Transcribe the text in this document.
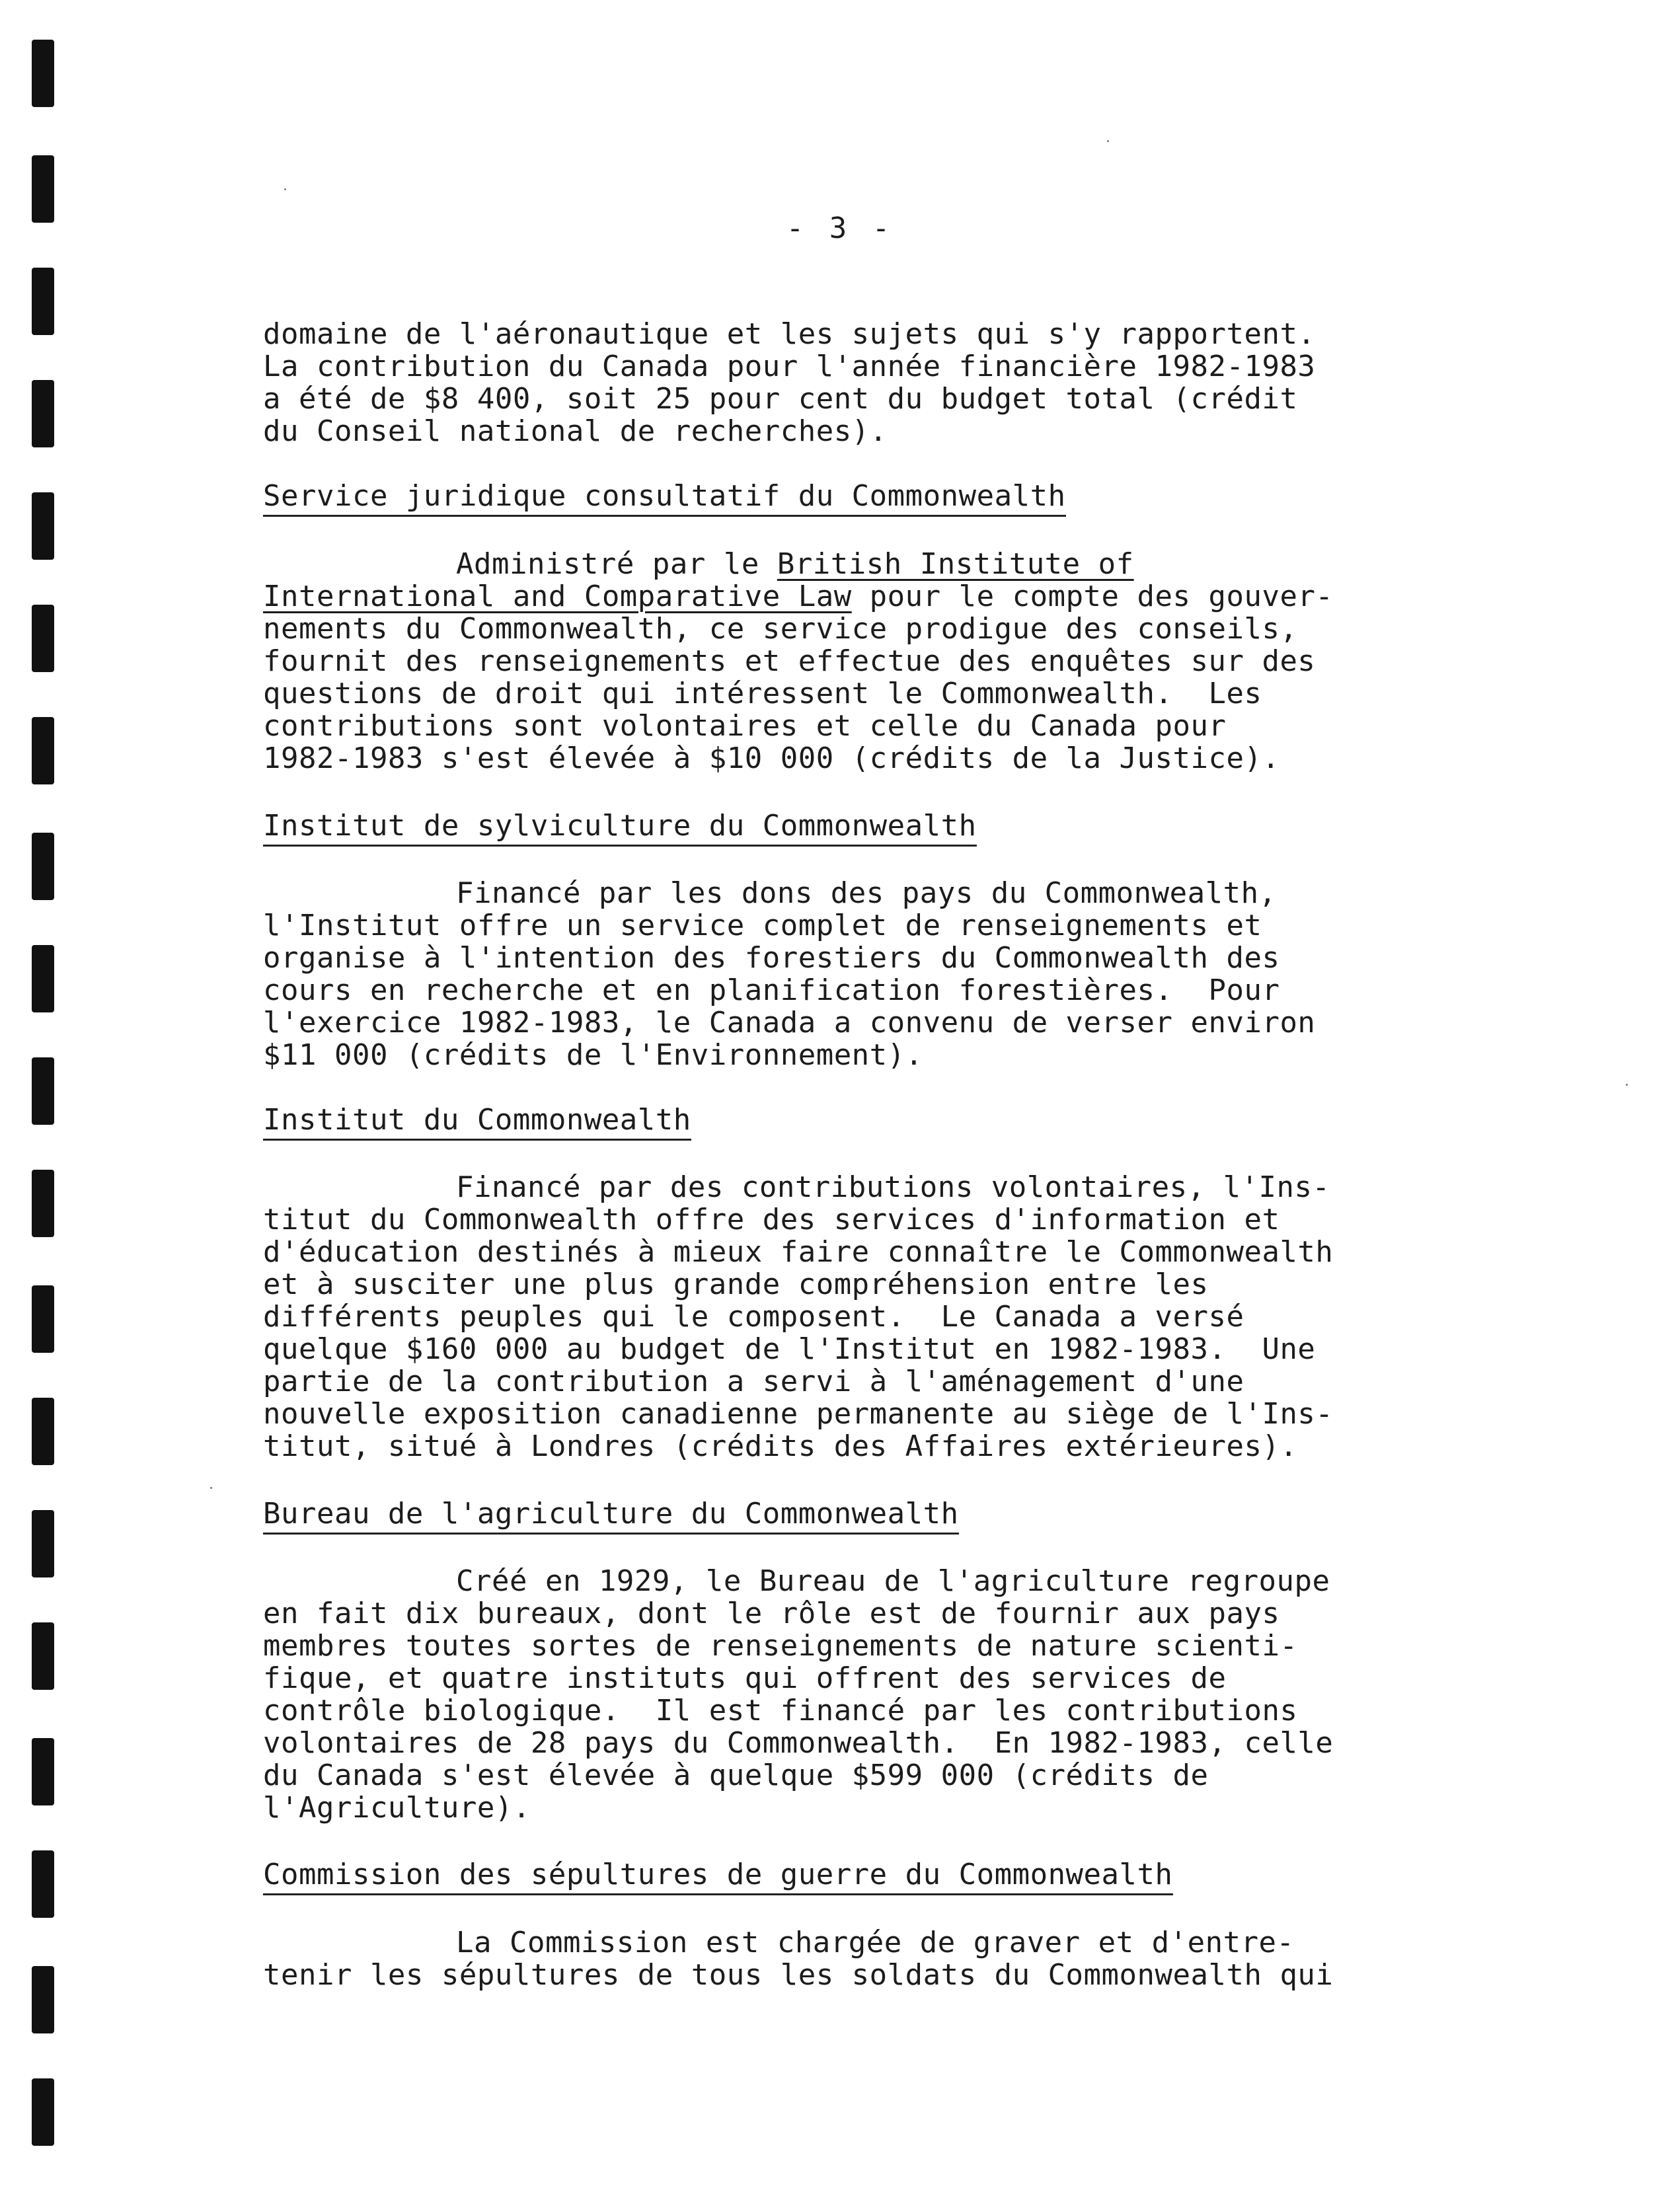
- 3 -
domaine de l'aéronautique et les sujets qui s'y rapportent.
La contribution du Canada pour l'année financière 1982-1983
a été de $8 400, soit 25 pour cent du budget total (crédit
du Conseil national de recherches).
Service juridique consultatif du Commonwealth
Administré par le British Institute of
International and Comparative Law pour le compte des gouver-
nements du Commonwealth, ce service prodigue des conseils,
fournit des renseignements et effectue des enquêtes sur des
questions de droit qui intéressent le Commonwealth.  Les
contributions sont volontaires et celle du Canada pour
1982-1983 s'est élevée à $10 000 (crédits de la Justice).
Institut de sylviculture du Commonwealth
Financé par les dons des pays du Commonwealth,
l'Institut offre un service complet de renseignements et
organise à l'intention des forestiers du Commonwealth des
cours en recherche et en planification forestières.  Pour
l'exercice 1982-1983, le Canada a convenu de verser environ
$11 000 (crédits de l'Environnement).
Institut du Commonwealth
Financé par des contributions volontaires, l'Ins-
titut du Commonwealth offre des services d'information et
d'éducation destinés à mieux faire connaître le Commonwealth
et à susciter une plus grande compréhension entre les
différents peuples qui le composent.  Le Canada a versé
quelque $160 000 au budget de l'Institut en 1982-1983.  Une
partie de la contribution a servi à l'aménagement d'une
nouvelle exposition canadienne permanente au siège de l'Ins-
titut, situé à Londres (crédits des Affaires extérieures).
Bureau de l'agriculture du Commonwealth
Créé en 1929, le Bureau de l'agriculture regroupe
en fait dix bureaux, dont le rôle est de fournir aux pays
membres toutes sortes de renseignements de nature scienti-
fique, et quatre instituts qui offrent des services de
contrôle biologique.  Il est financé par les contributions
volontaires de 28 pays du Commonwealth.  En 1982-1983, celle
du Canada s'est élevée à quelque $599 000 (crédits de
l'Agriculture).
Commission des sépultures de guerre du Commonwealth
La Commission est chargée de graver et d'entre-
tenir les sépultures de tous les soldats du Commonwealth qui
